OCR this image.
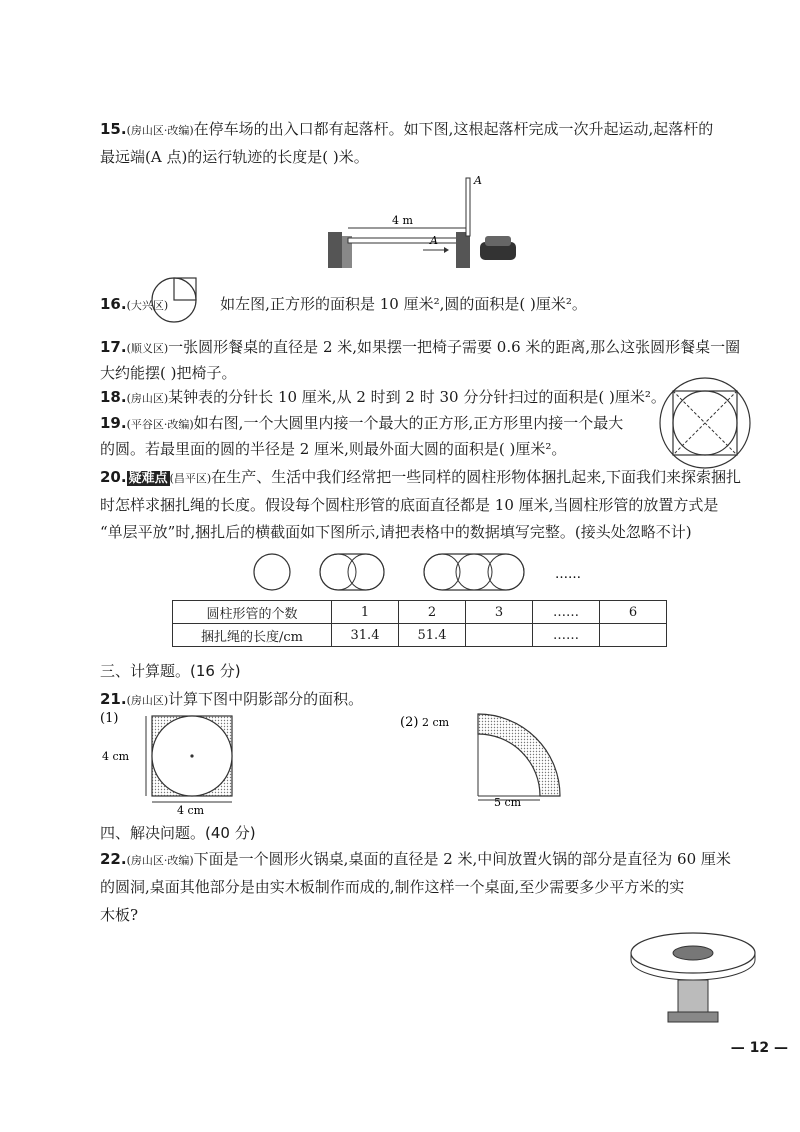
15.(房山区·改编)在停车场的出入口都有起落杆。如下图,这根起落杆完成一次升起运动,起落杆的
最远端(A 点)的运行轨迹的长度是( )米。
4 m
A
A
16.(大兴区)	如左图,正方形的面积是 10 厘米²,圆的面积是( )厘米²。
17.(顺义区)一张圆形餐桌的直径是 2 米,如果摆一把椅子需要 0.6 米的距离,那么这张圆形餐桌一圈
大约能摆( )把椅子。
18.(房山区)某钟表的分针长 10 厘米,从 2 时到 2 时 30 分分针扫过的面积是( )厘米²。
19.(平谷区·改编)如右图,一个大圆里内接一个最大的正方形,正方形里内接一个最大
的圆。若最里面的圆的半径是 2 厘米,则最外面大圆的面积是( )厘米²。
20. 疑难点 (昌平区)在生产、生活中我们经常把一些同样的圆柱形物体捆扎起来,下面我们来探索捆扎
时怎样求捆扎绳的长度。假设每个圆柱形管的底面直径都是 10 厘米,当圆柱形管的放置方式是
“单层平放”时,捆扎后的横截面如下图所示,请把表格中的数据填写完整。(接头处忽略不计)
……
圆柱形管的个数	1	2	3	……	6
捆扎绳的长度/cm	31.4	51.4		……	
三、计算题。(16 分)
21.(房山区)计算下图中阴影部分的面积。
(1)
4 cm
4 cm
(2) 2 cm
5 cm
四、解决问题。(40 分)
22.(房山区·改编)下面是一个圆形火锅桌,桌面的直径是 2 米,中间放置火锅的部分是直径为 60 厘米
的圆洞,桌面其他部分是由实木板制作而成的,制作这样一个桌面,至少需要多少平方米的实
木板?
— 12 —
